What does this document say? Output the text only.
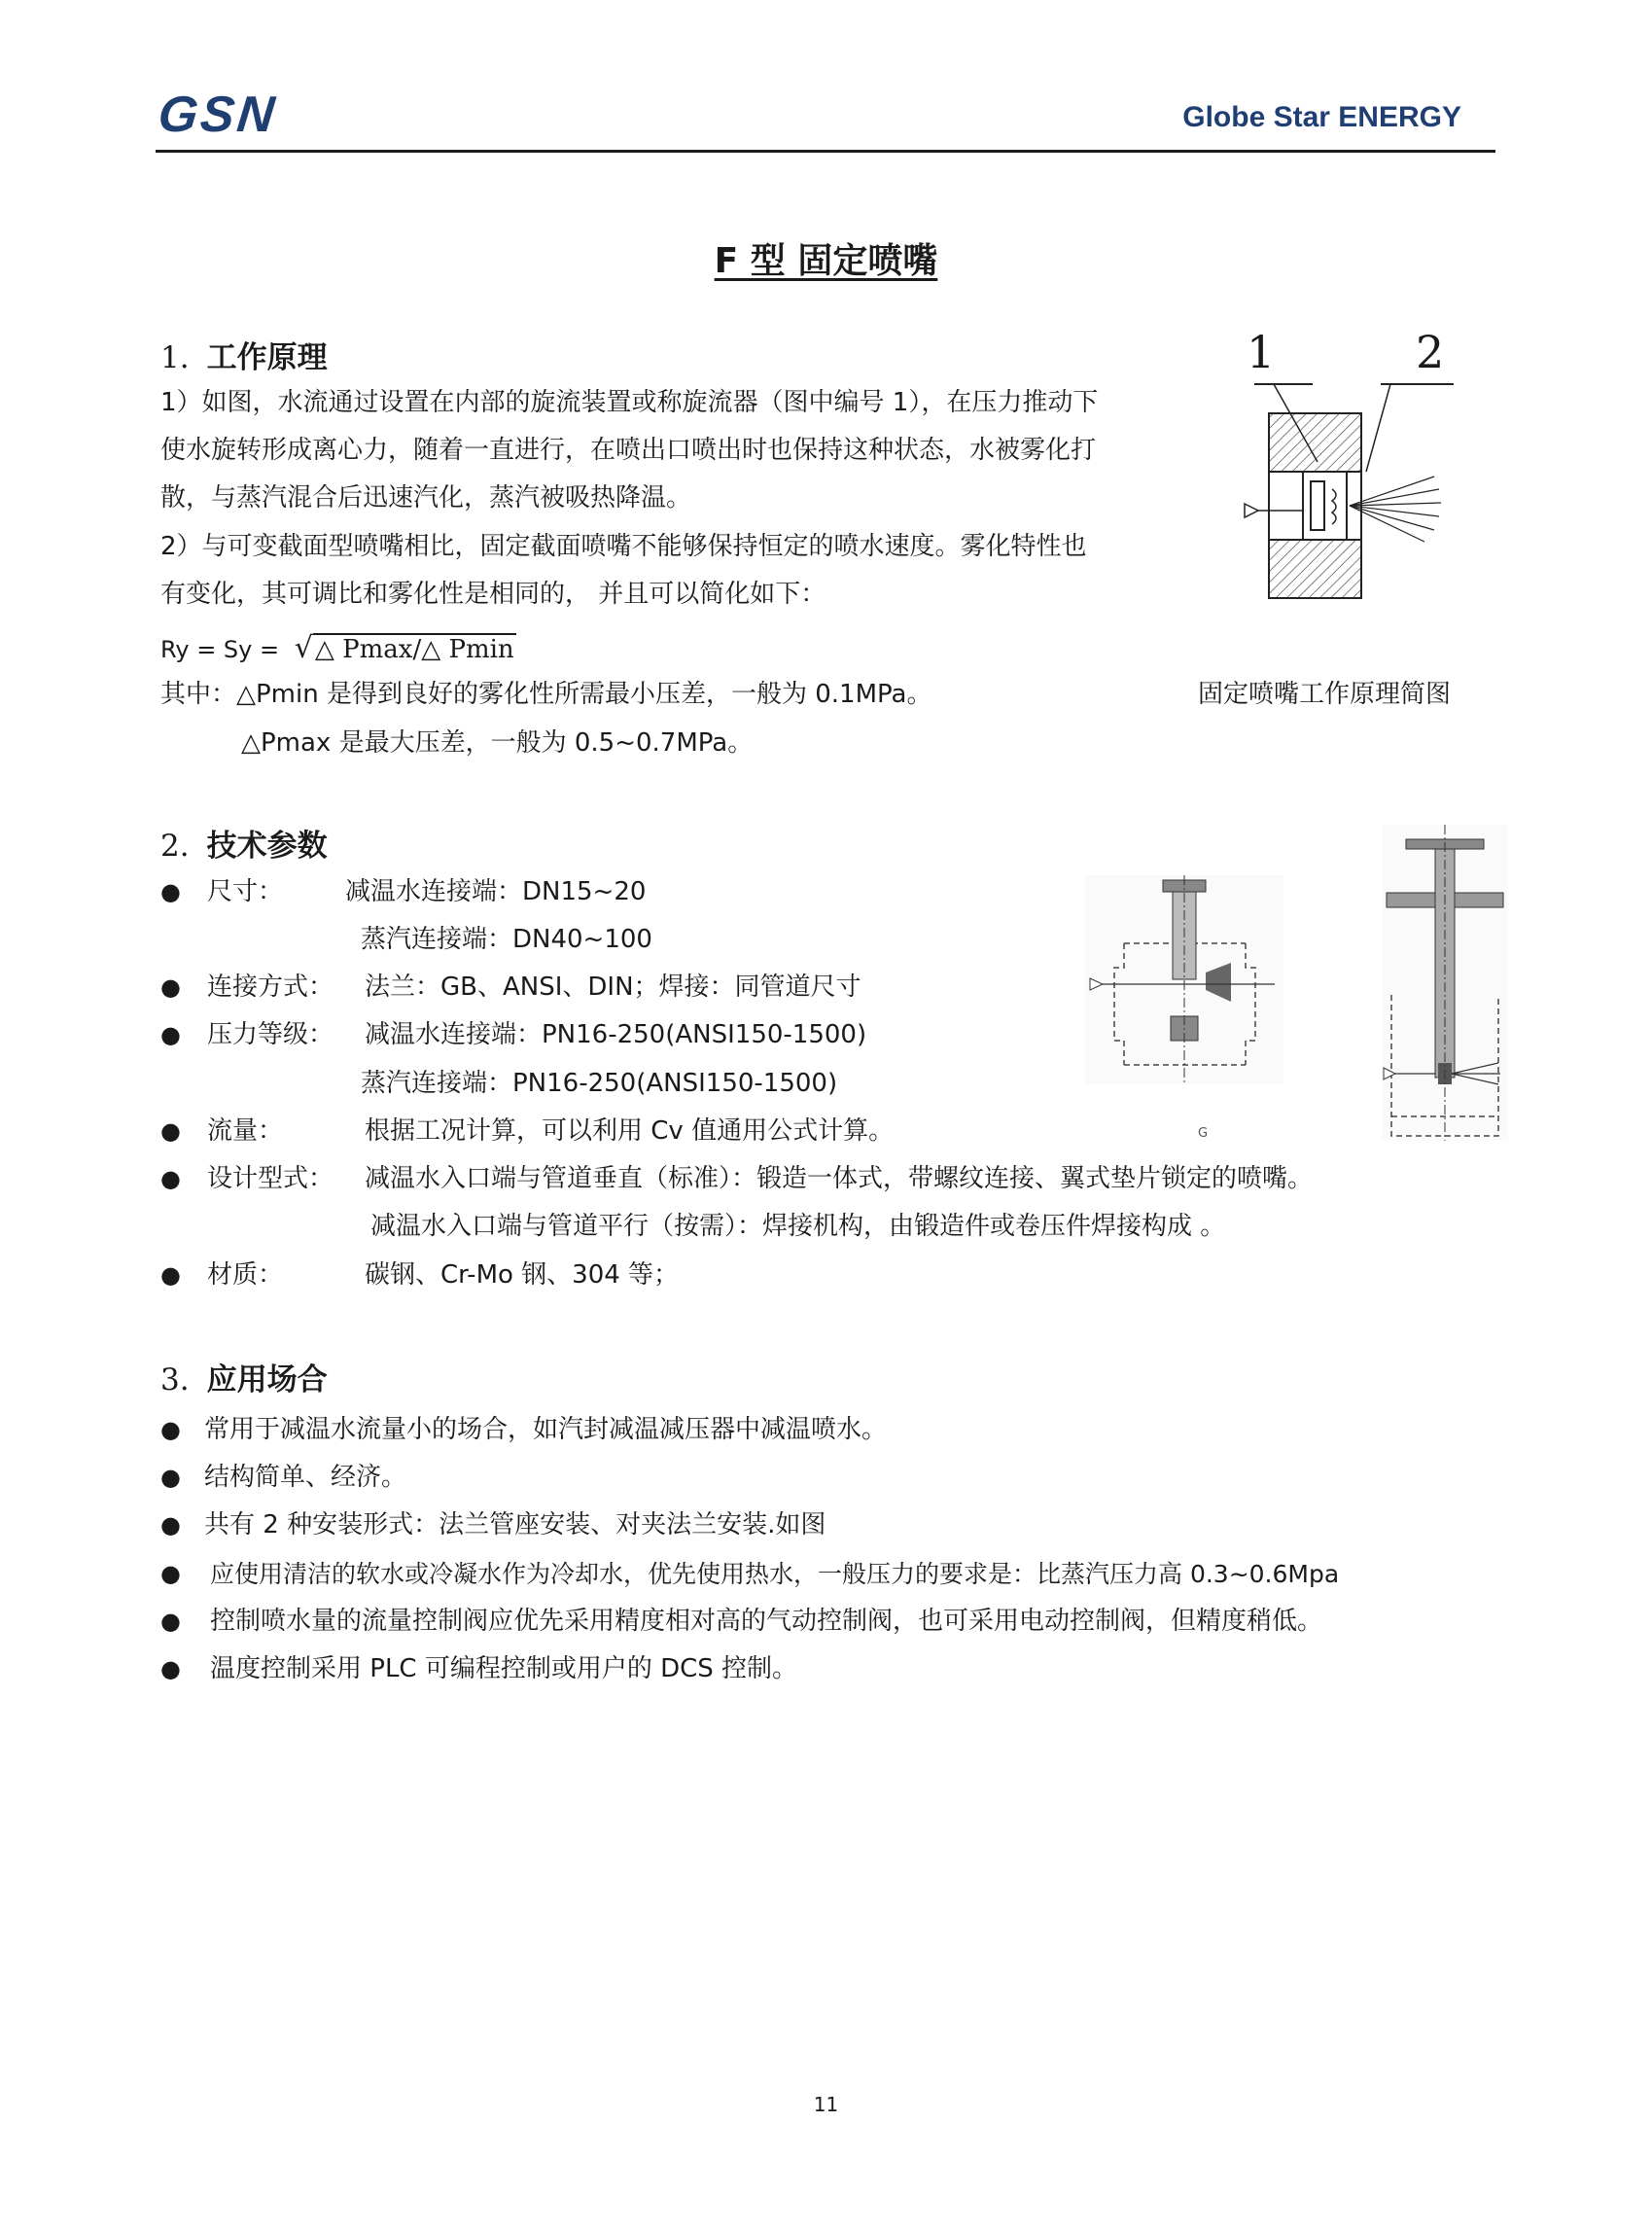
GSN	Globe Star ENERGY
F 型 固定喷嘴
1. 工作原理
1）如图，水流通过设置在内部的旋流装置或称旋流器（图中编号 1），在压力推动下
使水旋转形成离心力，随着一直进行，在喷出口喷出时也保持这种状态，水被雾化打
散，与蒸汽混合后迅速汽化，蒸汽被吸热降温。
2）与可变截面型喷嘴相比，固定截面喷嘴不能够保持恒定的喷水速度。雾化特性也
有变化，其可调比和雾化性是相同的， 并且可以简化如下：
Ry = Sy = √△ Pmax/△ Pmin
其中：△Pmin 是得到良好的雾化性所需最小压差，一般为 0.1MPa。
△Pmax 是最大压差，一般为 0.5~0.7MPa。
1	2
固定喷嘴工作原理简图
2. 技术参数
● 尺寸： 减温水连接端：DN15~20
蒸汽连接端：DN40~100
● 连接方式： 法兰：GB、ANSI、DIN；焊接：同管道尺寸
● 压力等级： 减温水连接端：PN16-250(ANSI150-1500)
蒸汽连接端：PN16-250(ANSI150-1500)
● 流量：	根据工况计算，可以利用 Cv 值通用公式计算。
● 设计型式： 减温水入口端与管道垂直（标准）：锻造一体式，带螺纹连接、翼式垫片锁定的喷嘴。
减温水入口端与管道平行（按需）：焊接机构，由锻造件或卷压件焊接构成 。
● 材质：	碳钢、Cr-Mo 钢、304 等；
G
3. 应用场合
● 常用于减温水流量小的场合，如汽封减温减压器中减温喷水。
● 结构简单、经济。
● 共有 2 种安装形式：法兰管座安装、对夹法兰安装.如图
● 应使用清洁的软水或冷凝水作为冷却水，优先使用热水，一般压力的要求是：比蒸汽压力高 0.3~0.6Mpa
● 控制喷水量的流量控制阀应优先采用精度相对高的气动控制阀，也可采用电动控制阀，但精度稍低。
● 温度控制采用 PLC 可编程控制或用户的 DCS 控制。
11
